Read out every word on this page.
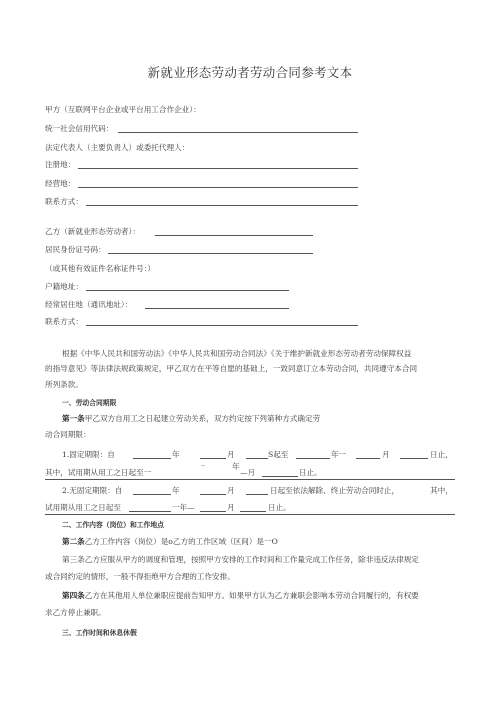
新就业形态劳动者劳动合同参考文本
甲方（互联网平台企业或平台用工合作企业）：
统一社会信用代码：
法定代表人（主要负责人）或委托代理人：
注册地：
经营地：
联系方式：
乙方（新就业形态劳动者）：
居民身份证号码：
（或其他有效证件名称证件号：）
户籍地址：
经常居住地（通讯地址）：
联系方式：
根据《中华人民共和国劳动法》《中华人民共和国劳动合同法》《关于维护新就业形态劳动者劳动保障权益
的指导意见》等法律法规政策规定，甲乙双方在平等自愿的基础上，一致同意订立本劳动合同，共同遵守本合同
所列条款。
一、劳动合同期限
第一条甲乙双方自用工之日起建立劳动关系，双方约定按下列第种方式确定劳
动合同期限：
1.固定期限：自	年	月	S起至	年一	月	日止，
其中，试用期从用工之日起至一
－	年
—月	日止。
2.无固定期限：自	年	月	日起至依法解除、终止劳动合同时止，	其中，
试用期从用工之日起至	一年—	月	日止。
二、工作内容（岗位）和工作地点
第二条乙方工作内容（岗位）是o乙方的工作区域（区间）是一O
第三条乙方应服从甲方的调度和管理，按照甲方安排的工作时间和工作量完成工作任务，除非违反法律规定
或合同约定的情形，一般不得拒绝甲方合理的工作安排。
第四条乙方在其他用人单位兼职应提前告知甲方。如果甲方认为乙方兼职会影响本劳动合同履行的，有权要
求乙方停止兼职。
三、工作时间和休息休假
